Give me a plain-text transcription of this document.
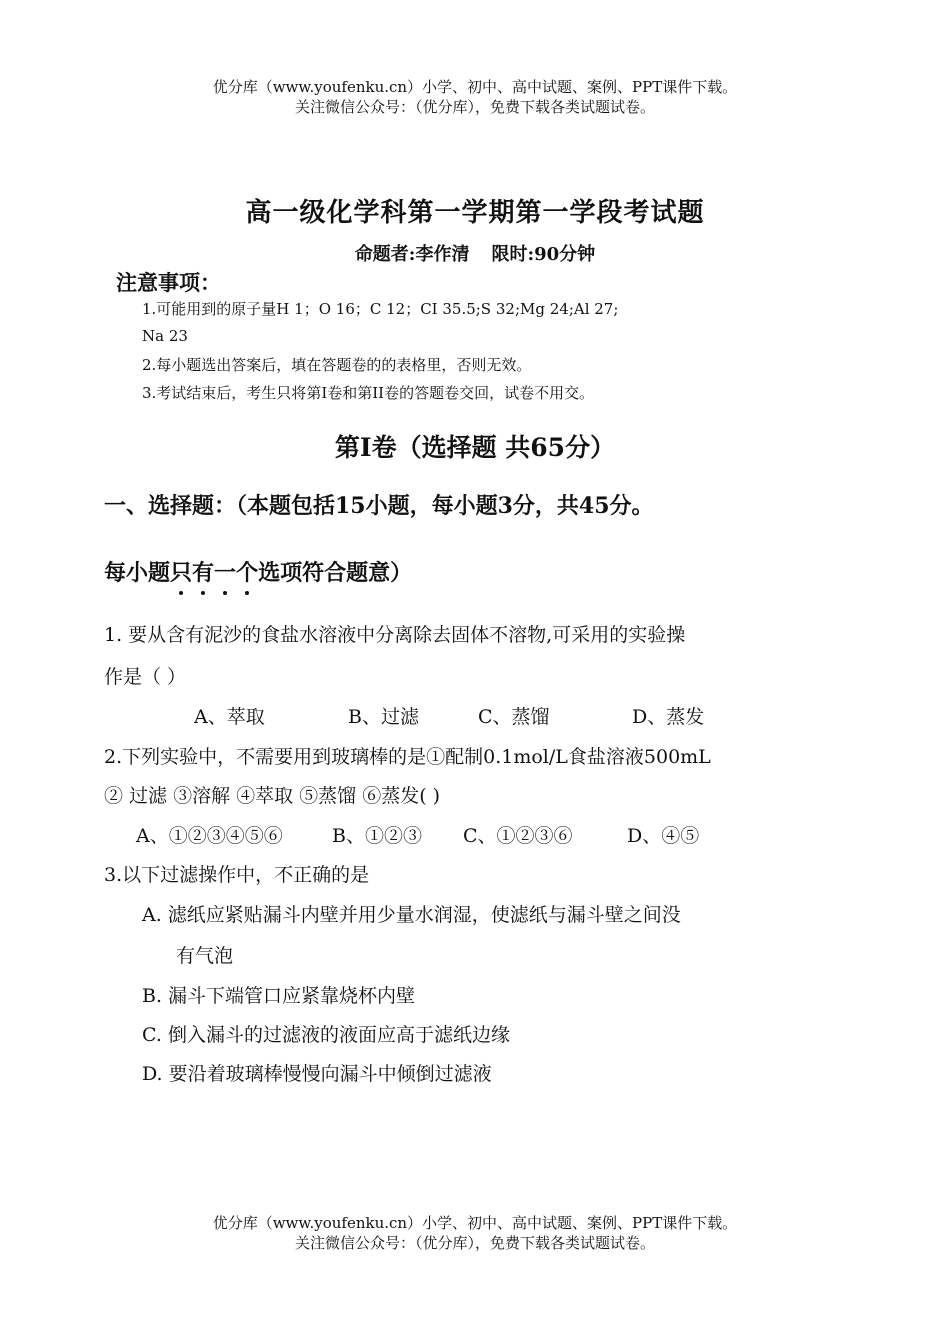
优分库（www.youfenku.cn）小学、初中、高中试题、案例、PPT课件下载。
关注微信公众号：（优分库），免费下载各类试题试卷。
高一级化学科第一学期第一学段考试题
命题者:李作清 限时:90分钟
注意事项：
1.可能用到的原子量H 1；O 16；C 12；CI 35.5;S 32;Mg 24;Al 27;
Na 23
2.每小题选出答案后，填在答题卷的的表格里，否则无效。
3.考试结束后，考生只将第I卷和第II卷的答题卷交回，试卷不用交。
第Ⅰ卷（选择题 共65分）
一、选择题：（本题包括15小题，每小题3分，共45分。
每小题只有一个选项符合题意）
1. 要从含有泥沙的食盐水溶液中分离除去固体不溶物,可采用的实验操
作是（ ）
A、萃取	B、过滤	C、蒸馏	D、蒸发
2.下列实验中，不需要用到玻璃棒的是①配制0.1mol/L食盐溶液500mL
② 过滤 ③溶解 ④萃取 ⑤蒸馏 ⑥蒸发( )
A、①②③④⑤⑥	B、①②③ C、①②③⑥	D、④⑤
3.以下过滤操作中，不正确的是
A. 滤纸应紧贴漏斗内壁并用少量水润湿，使滤纸与漏斗壁之间没
有气泡
B. 漏斗下端管口应紧靠烧杯内壁
C. 倒入漏斗的过滤液的液面应高于滤纸边缘
D. 要沿着玻璃棒慢慢向漏斗中倾倒过滤液
优分库（www.youfenku.cn）小学、初中、高中试题、案例、PPT课件下载。
关注微信公众号：（优分库），免费下载各类试题试卷。
